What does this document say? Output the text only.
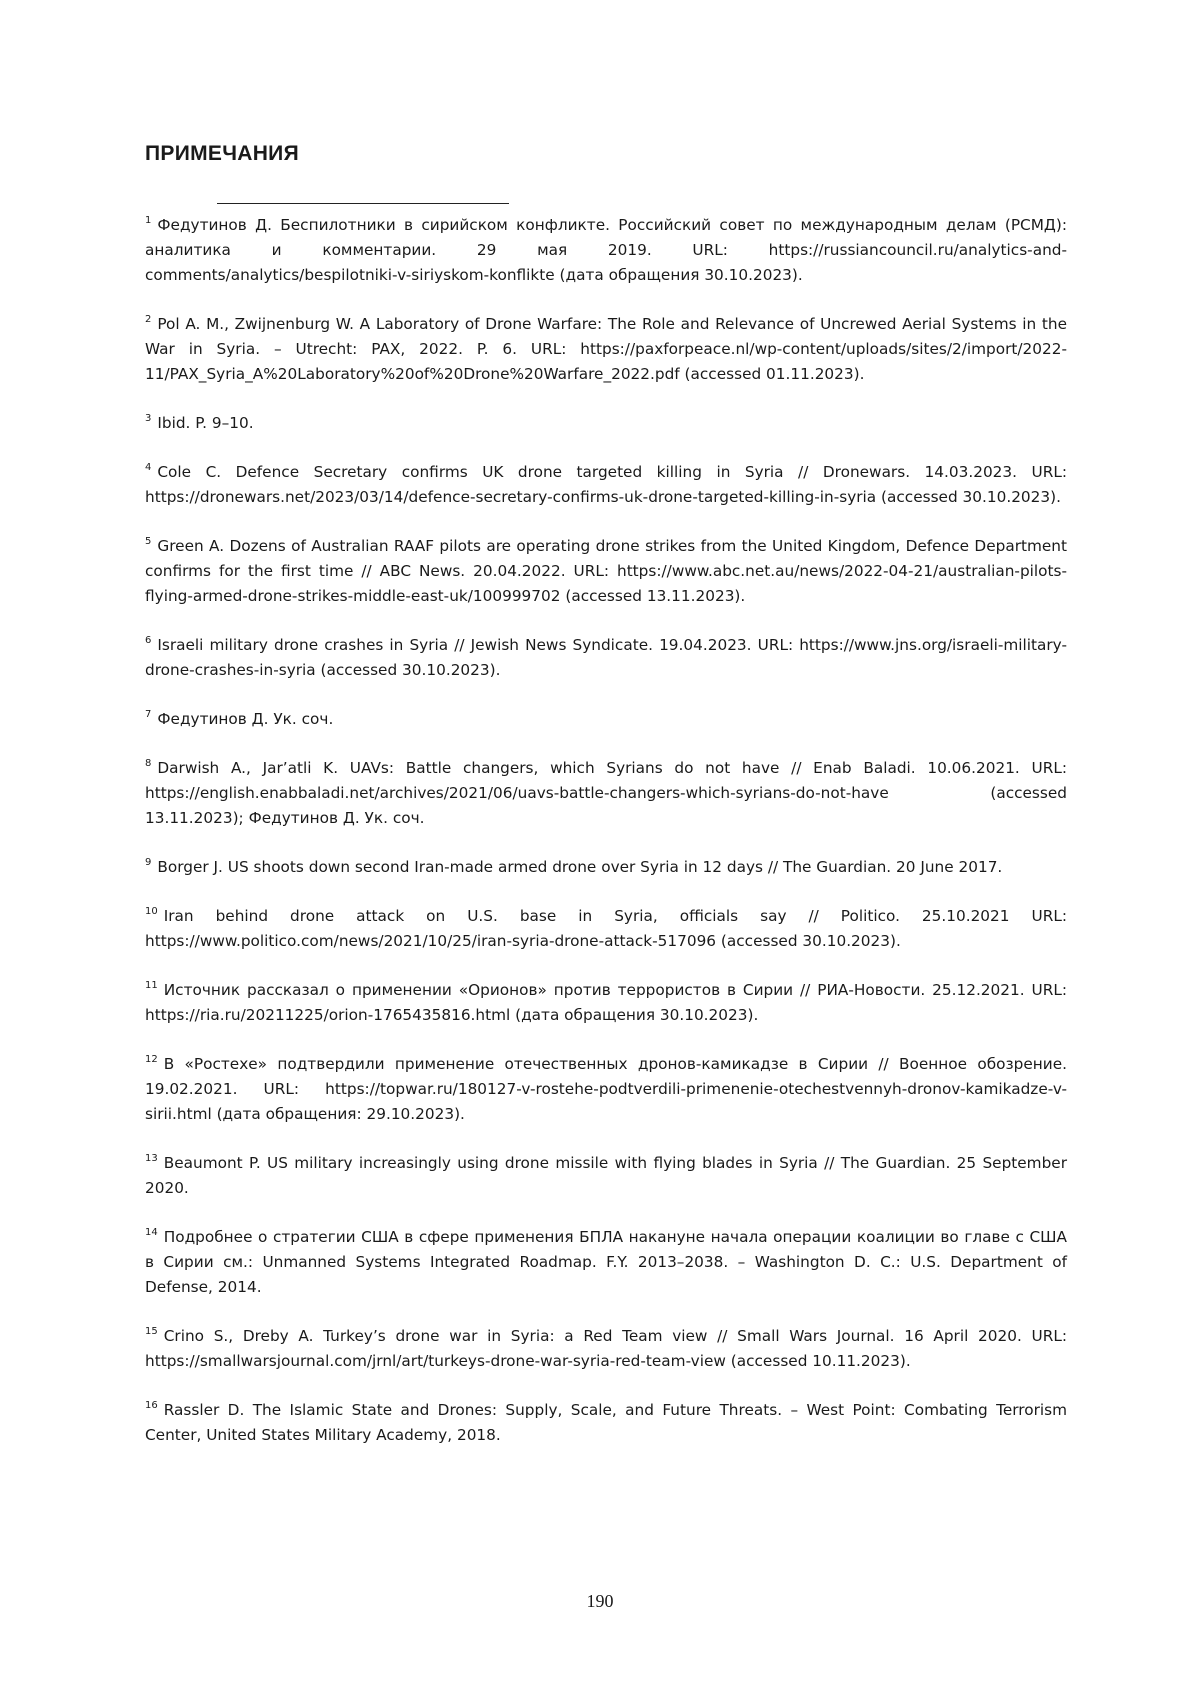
ПРИМЕЧАНИЯ

$^1$ Федутинов Д. Беспилотники в сирийском конфликте. Российский совет по международным делам (РСМД): аналитика и комментарии. 29 мая 2019. URL: https://russiancouncil.ru/analytics-and-comments/analytics/bespilotniki-v-siriyskom-konflikte (дата обращения 30.10.2023).

$^2$ Pol A. M., Zwijnenburg W. A Laboratory of Drone Warfare: The Role and Relevance of Uncrewed Aerial Systems in the War in Syria. – Utrecht: PAX, 2022. P. 6. URL: https://paxforpeace.nl/wp-content/uploads/sites/2/import/2022-11/PAX_Syria_A%20Laboratory%20of%20Drone%20Warfare_2022.pdf (accessed 01.11.2023).

$^3$ Ibid. P. 9–10.

$^4$ Cole C. Defence Secretary confirms UK drone targeted killing in Syria // Dronewars. 14.03.2023. URL: https://dronewars.net/2023/03/14/defence-secretary-confirms-uk-drone-targeted-killing-in-syria (accessed 30.10.2023).

$^5$ Green A. Dozens of Australian RAAF pilots are operating drone strikes from the United Kingdom, Defence Department confirms for the first time // ABC News. 20.04.2022. URL: https://www.abc.net.au/news/2022-04-21/australian-pilots-flying-armed-drone-strikes-middle-east-uk/100999702 (accessed 13.11.2023).

$^6$ Israeli military drone crashes in Syria // Jewish News Syndicate. 19.04.2023. URL: https://www.jns.org/israeli-military-drone-crashes-in-syria (accessed 30.10.2023).

$^7$ Федутинов Д. Ук. соч.

$^8$ Darwish A., Jar’atli K. UAVs: Battle changers, which Syrians do not have // Enab Baladi. 10.06.2021. URL: https://english.enabbaladi.net/archives/2021/06/uavs-battle-changers-which-syrians-do-not-have (accessed 13.11.2023); Федутинов Д. Ук. соч.

$^9$ Borger J. US shoots down second Iran-made armed drone over Syria in 12 days // The Guardian. 20 June 2017.

$^{10}$ Iran behind drone attack on U.S. base in Syria, officials say // Politico. 25.10.2021 URL: https://www.politico.com/news/2021/10/25/iran-syria-drone-attack-517096 (accessed 30.10.2023).

$^{11}$ Источник рассказал о применении «Орионов» против террористов в Сирии // РИА-Новости. 25.12.2021. URL: https://ria.ru/20211225/orion-1765435816.html (дата обращения 30.10.2023).

$^{12}$ В «Ростехе» подтвердили применение отечественных дронов-камикадзе в Сирии // Военное обозрение. 19.02.2021. URL: https://topwar.ru/180127-v-rostehe-podtverdili-primenenie-otechestvennyh-dronov-kamikadze-v-sirii.html (дата обращения: 29.10.2023).

$^{13}$ Beaumont P. US military increasingly using drone missile with flying blades in Syria // The Guardian. 25 September 2020.

$^{14}$ Подробнее о стратегии США в сфере применения БПЛА накануне начала операции коалиции во главе с США в Сирии см.: Unmanned Systems Integrated Roadmap. F.Y. 2013–2038. – Washington D. C.: U.S. Department of Defense, 2014.

$^{15}$ Crino S., Dreby A. Turkey’s drone war in Syria: a Red Team view // Small Wars Journal. 16 April 2020. URL: https://smallwarsjournal.com/jrnl/art/turkeys-drone-war-syria-red-team-view (accessed 10.11.2023).

$^{16}$ Rassler D. The Islamic State and Drones: Supply, Scale, and Future Threats. – West Point: Combating Terrorism Center, United States Military Academy, 2018.

190
